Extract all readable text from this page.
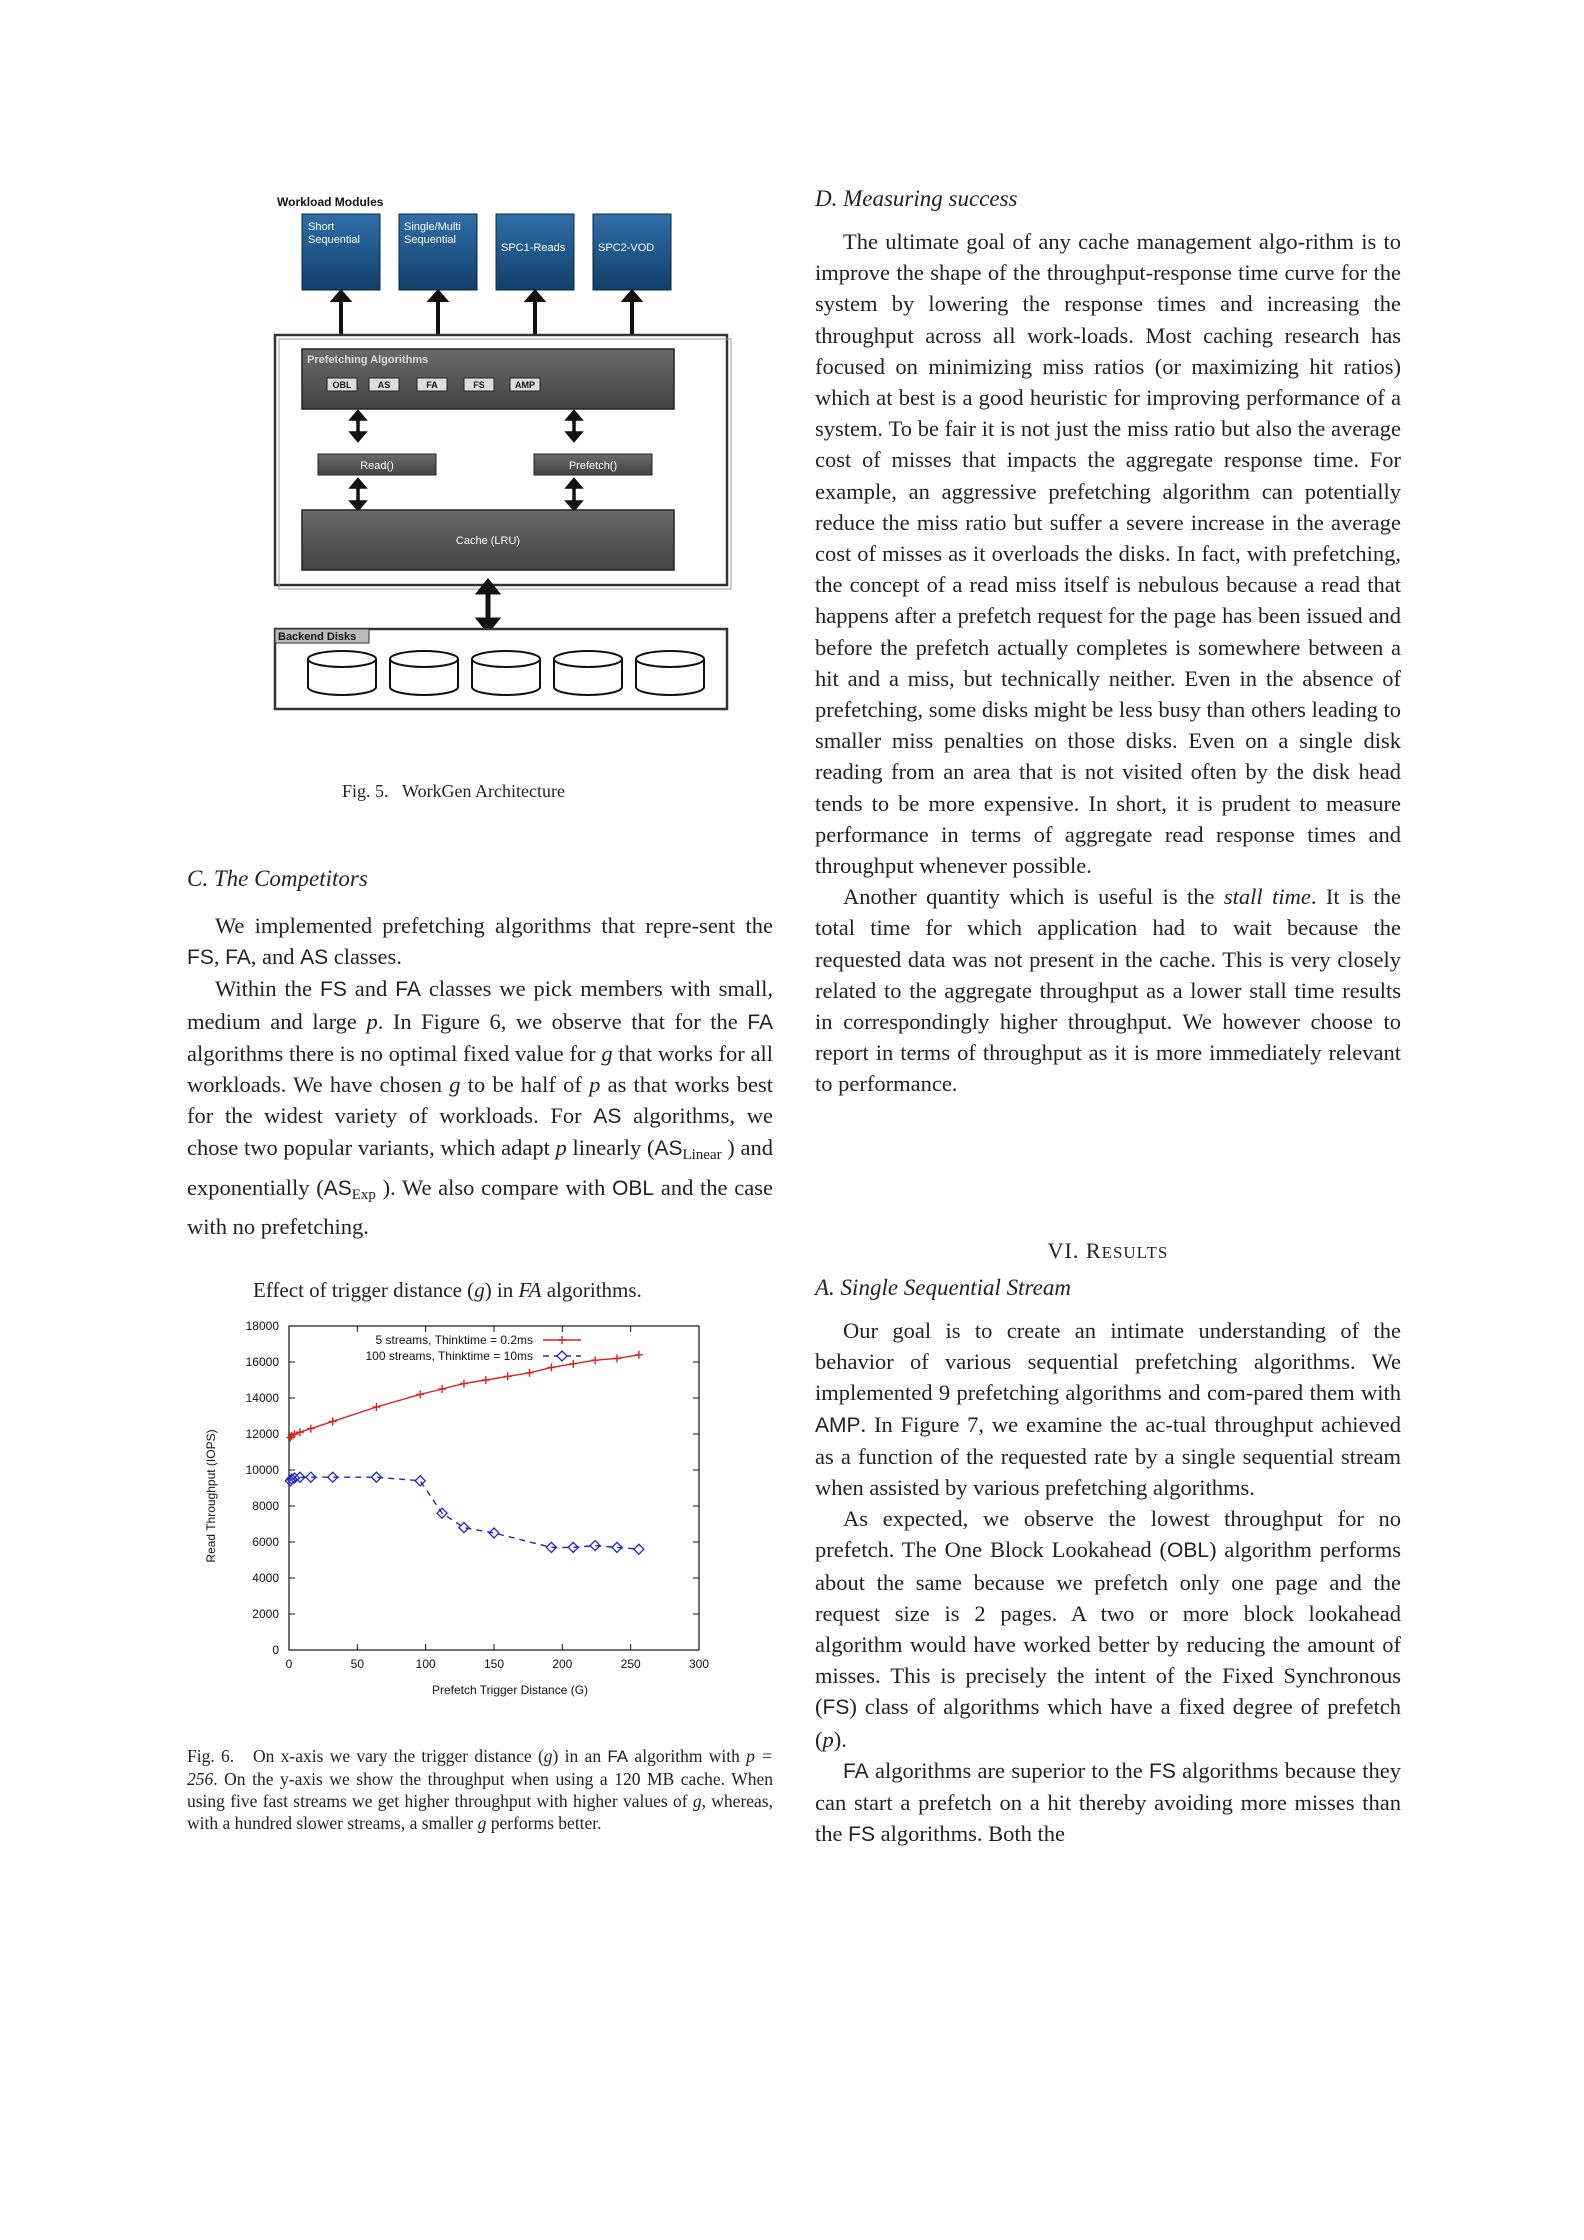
Workload Modules
Short
Sequential
Single/Multi
Sequential
SPC1-Reads	SPC2-VOD
Prefetching Algorithms
OBL	AS	FA	FS	AMP
Read()	Prefetch()
Cache (LRU)
Backend Disks

Fig. 5. WorkGen Architecture

C. The Competitors

We implemented prefetching algorithms that repre-sent the FS, FA, and AS classes.

Within the FS and FA classes we pick members with small, medium and large p. In Figure 6, we observe that for the FA algorithms there is no optimal fixed value for g that works for all workloads. We have chosen g to be half of p as that works best for the widest variety of workloads. For AS algorithms, we chose two popular variants, which adapt p linearly ($AS_{Linear}$ ) and exponentially ($AS_{Exp}$ ). We also compare with OBL and the case with no prefetching.

Effect of trigger distance (g) in FA algorithms.
0	50	100	150	200	250	300
0
2000
4000
6000
8000
10000
12000
14000
16000
18000
5 streams, Thinktime = 0.2ms
100 streams, Thinktime = 10ms
Prefetch Trigger Distance (G)
Read Throughput (IOPS)

Fig. 6. On x-axis we vary the trigger distance (g) in an FA algorithm with p = 256. On the y-axis we show the throughput when using a 120 MB cache. When using five fast streams we get higher throughput with higher values of g, whereas, with a hundred slower streams, a smaller g performs better.

D. Measuring success

The ultimate goal of any cache management algo-rithm is to improve the shape of the throughput-response time curve for the system by lowering the response times and increasing the throughput across all work-loads. Most caching research has focused on minimizing miss ratios (or maximizing hit ratios) which at best is a good heuristic for improving performance of a system. To be fair it is not just the miss ratio but also the average cost of misses that impacts the aggregate response time. For example, an aggressive prefetching algorithm can potentially reduce the miss ratio but suffer a severe increase in the average cost of misses as it overloads the disks. In fact, with prefetching, the concept of a read miss itself is nebulous because a read that happens after a prefetch request for the page has been issued and before the prefetch actually completes is somewhere between a hit and a miss, but technically neither. Even in the absence of prefetching, some disks might be less busy than others leading to smaller miss penalties on those disks. Even on a single disk reading from an area that is not visited often by the disk head tends to be more expensive. In short, it is prudent to measure performance in terms of aggregate read response times and throughput whenever possible.

Another quantity which is useful is the stall time. It is the total time for which application had to wait because the requested data was not present in the cache. This is very closely related to the aggregate throughput as a lower stall time results in correspondingly higher throughput. We however choose to report in terms of throughput as it is more immediately relevant to performance.

VI. RESULTS
A. Single Sequential Stream

Our goal is to create an intimate understanding of the behavior of various sequential prefetching algorithms. We implemented 9 prefetching algorithms and com-pared them with AMP. In Figure 7, we examine the ac-tual throughput achieved as a function of the requested rate by a single sequential stream when assisted by various prefetching algorithms.

As expected, we observe the lowest throughput for no prefetch. The One Block Lookahead (OBL) algorithm performs about the same because we prefetch only one page and the request size is 2 pages. A two or more block lookahead algorithm would have worked better by reducing the amount of misses. This is precisely the intent of the Fixed Synchronous (FS) class of algorithms which have a fixed degree of prefetch (p).

FA algorithms are superior to the FS algorithms because they can start a prefetch on a hit thereby avoiding more misses than the FS algorithms. Both the
